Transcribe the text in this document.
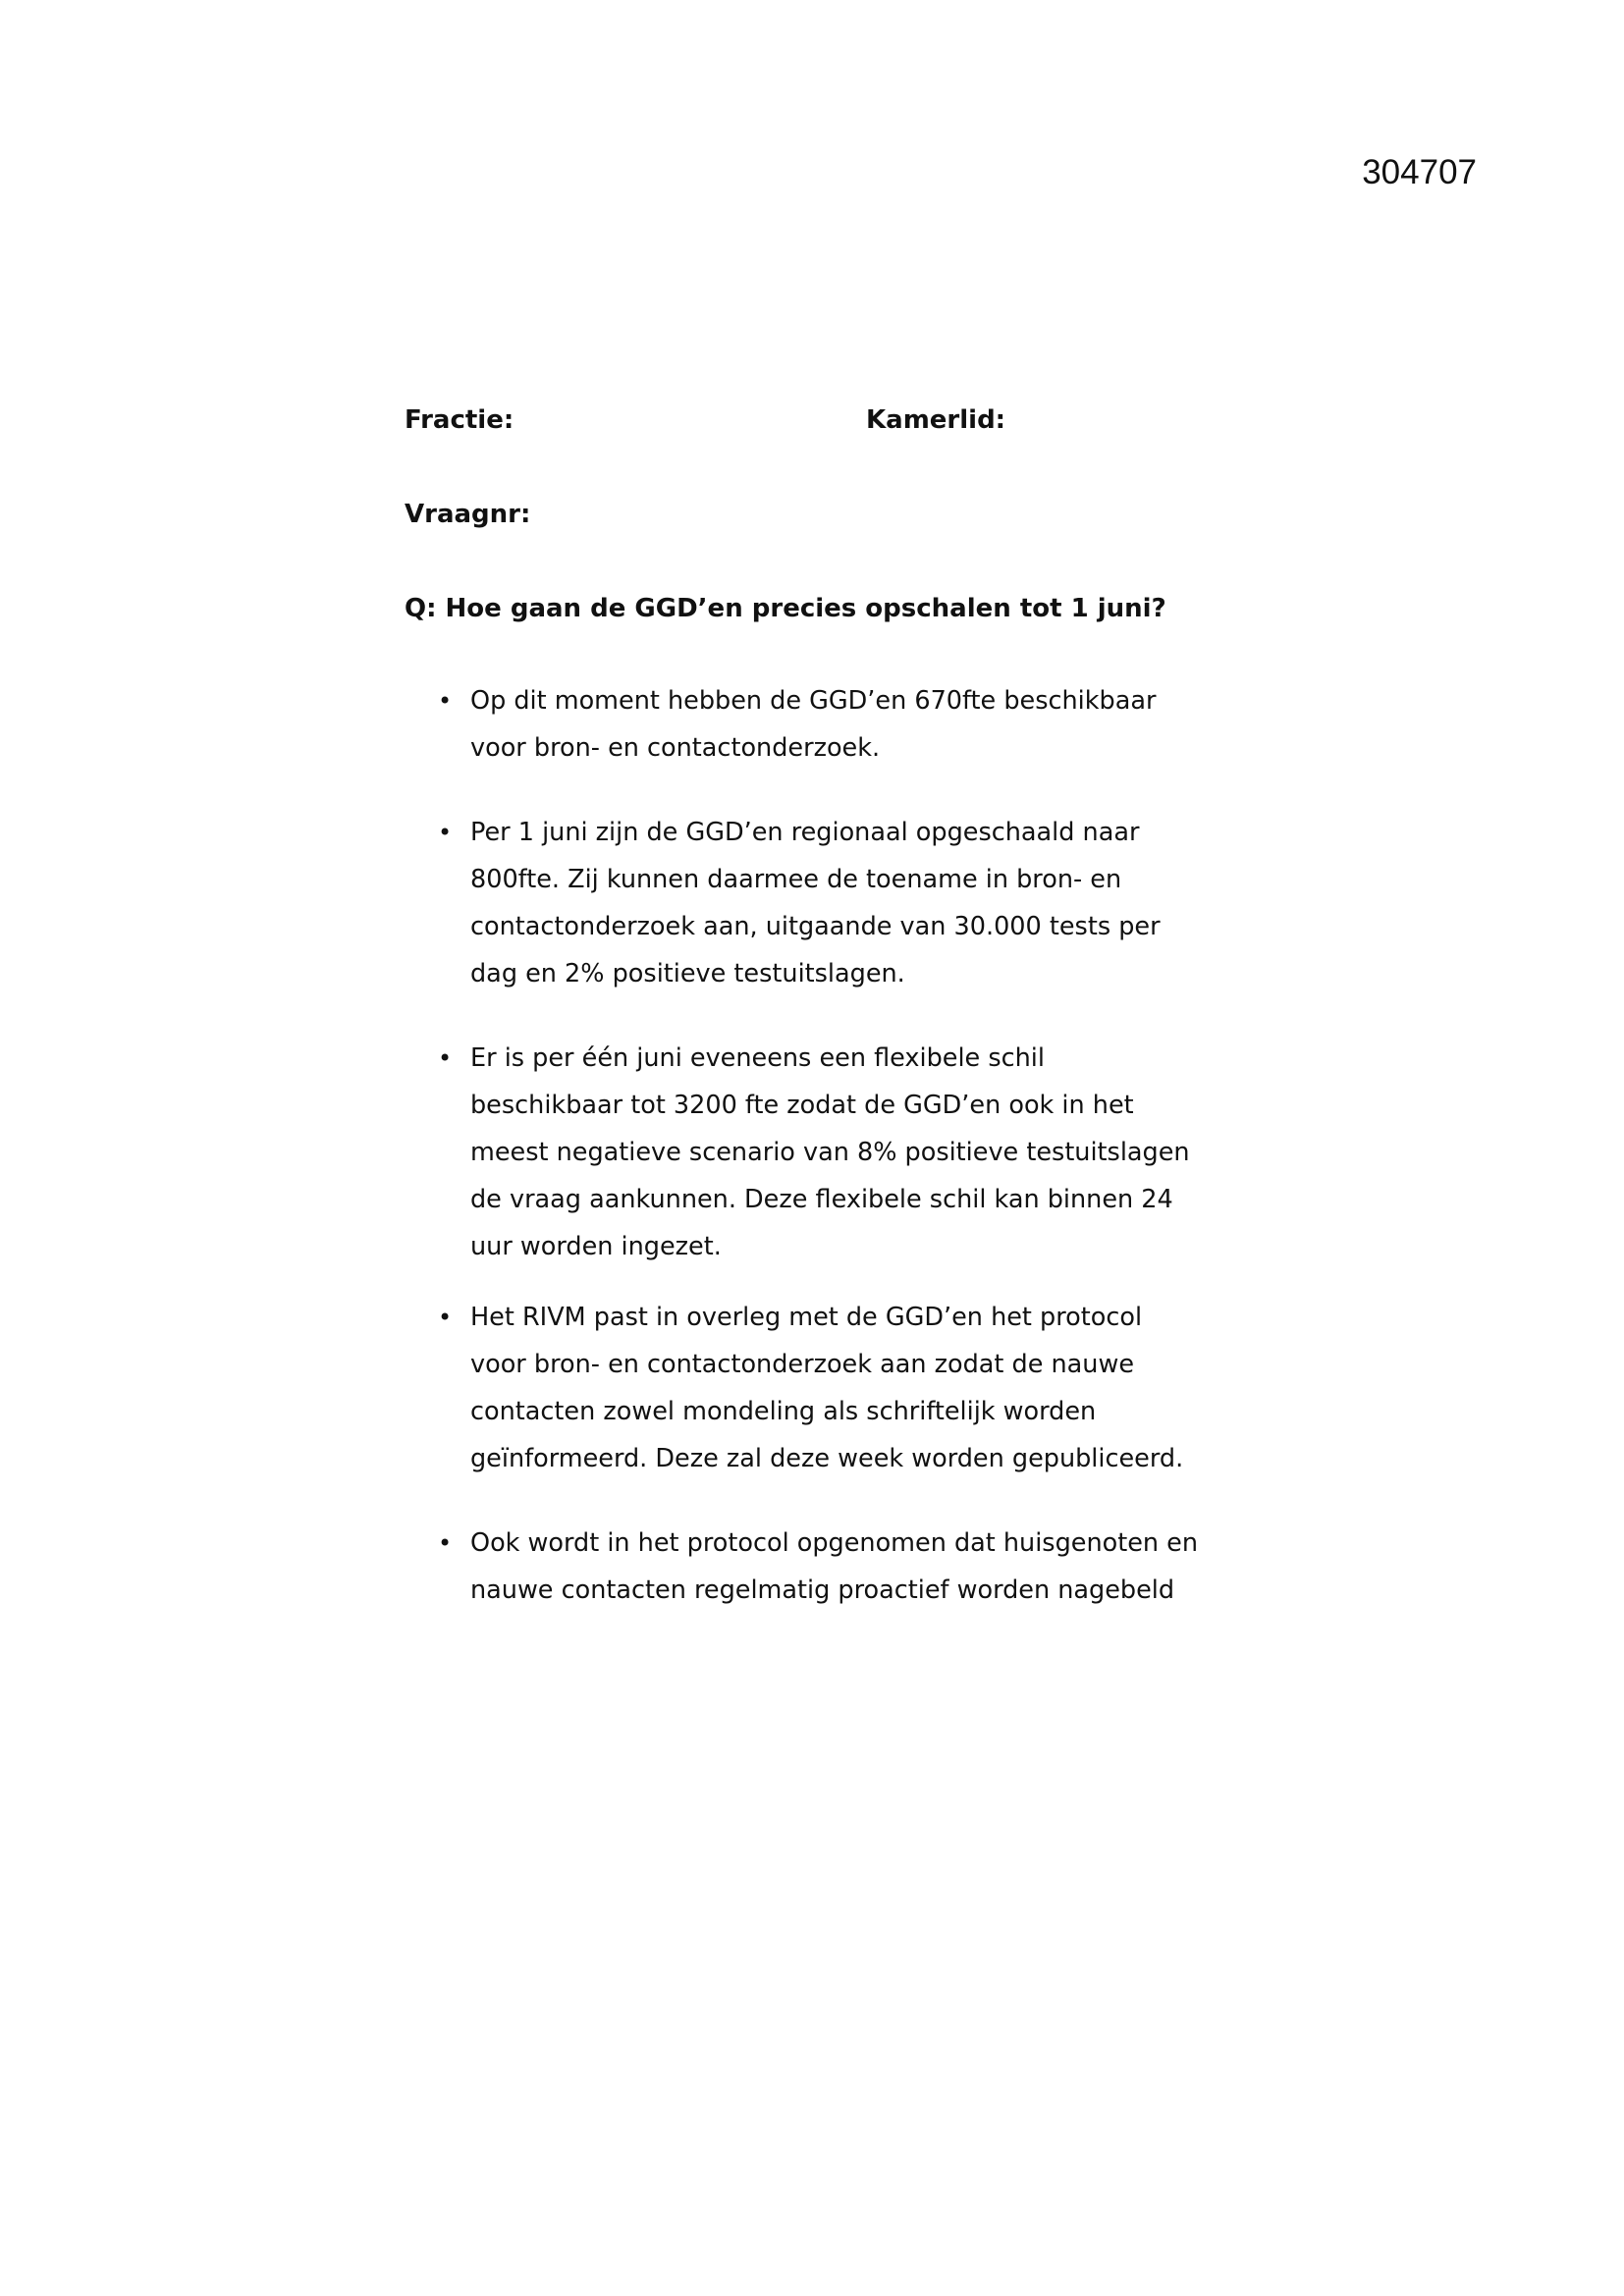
304707
Fractie:	Kamerlid:
Vraagnr:
Q: Hoe gaan de GGD’en precies opschalen tot 1 juni?
• Op dit moment hebben de GGD’en 670fte beschikbaar voor bron- en contactonderzoek.
• Per 1 juni zijn de GGD’en regionaal opgeschaald naar 800fte. Zij kunnen daarmee de toename in bron- en contactonderzoek aan, uitgaande van 30.000 tests per dag en 2% positieve testuitslagen.
• Er is per één juni eveneens een flexibele schil beschikbaar tot 3200 fte zodat de GGD’en ook in het meest negatieve scenario van 8% positieve testuitslagen de vraag aankunnen. Deze flexibele schil kan binnen 24 uur worden ingezet.
• Het RIVM past in overleg met de GGD’en het protocol voor bron- en contactonderzoek aan zodat de nauwe contacten zowel mondeling als schriftelijk worden geïnformeerd. Deze zal deze week worden gepubliceerd.
• Ook wordt in het protocol opgenomen dat huisgenoten en nauwe contacten regelmatig proactief worden nagebeld
